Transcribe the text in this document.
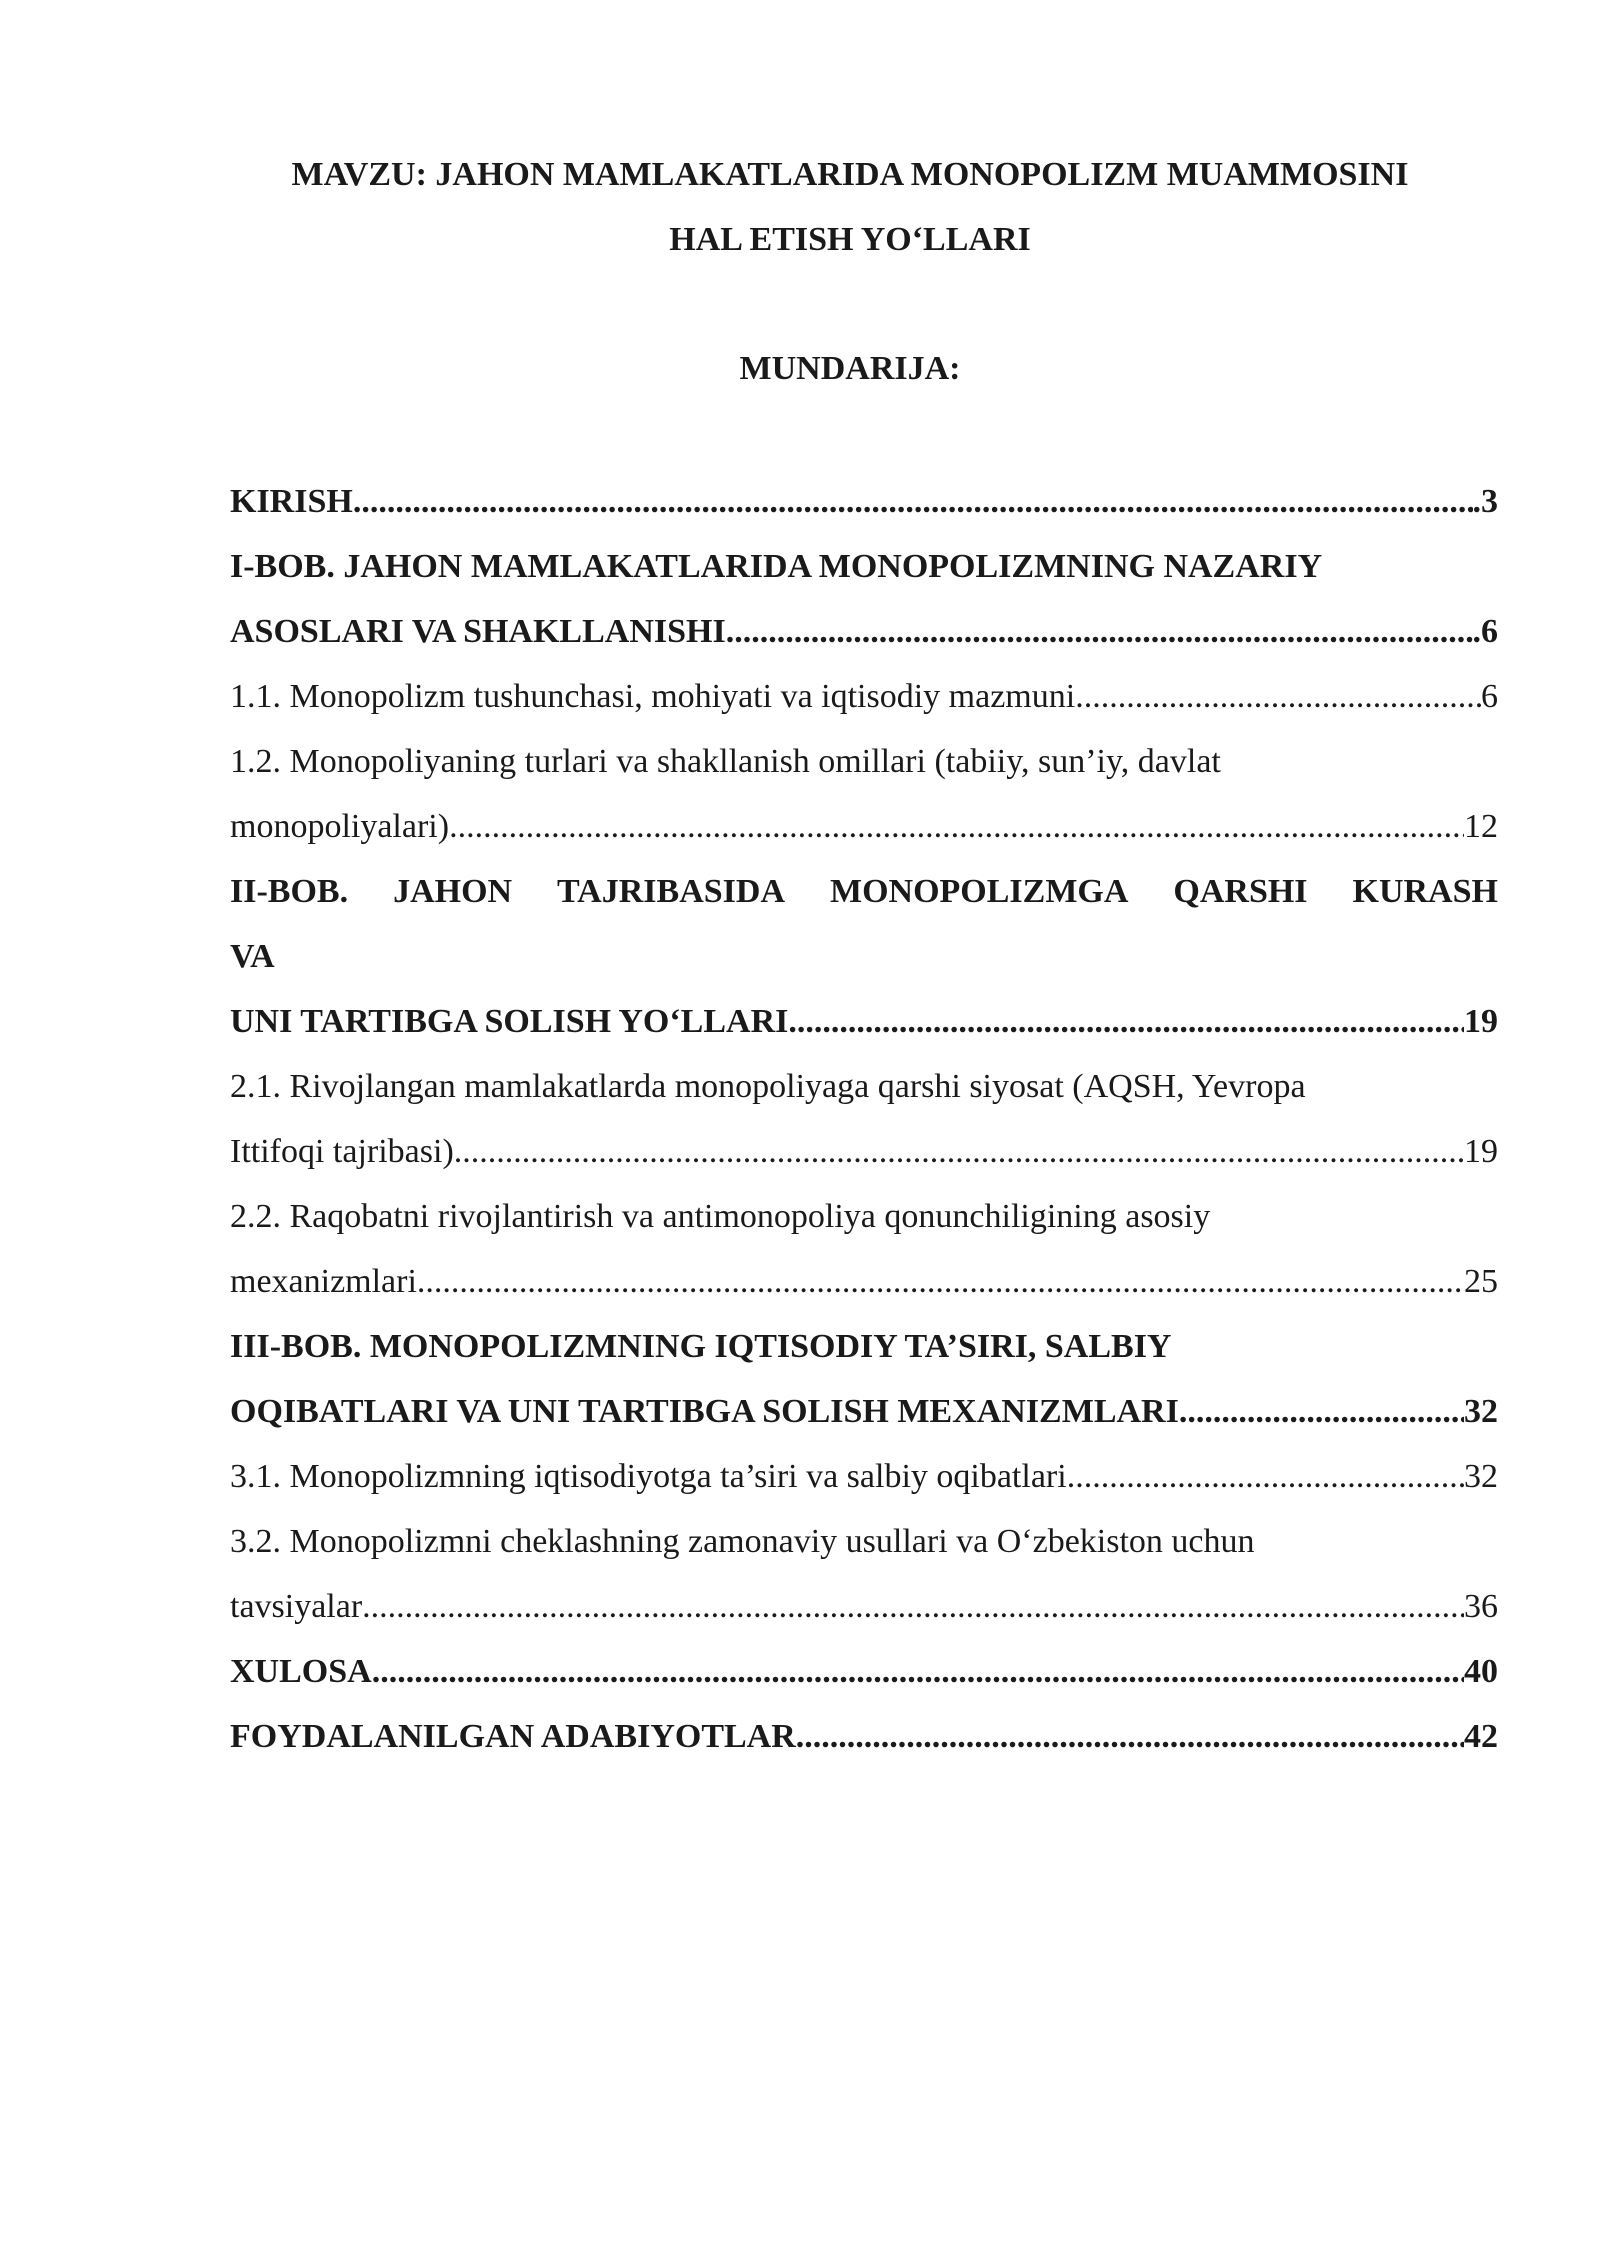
MAVZU: JAHON MAMLAKATLARIDA MONOPOLIZM MUAMMOSINI
HAL ETISH YO‘LLARI
MUNDARIJA:
KIRISH .....	.3
I-BOB. JAHON MAMLAKATLARIDA MONOPOLIZMNING NAZARIY
ASOSLARI VA SHAKLLANISHI .....	.6
1.1. Monopolizm tushunchasi, mohiyati va iqtisodiy mazmuni .....	6
1.2. Monopoliyaning turlari va shakllanish omillari (tabiiy, sun’iy, davlat
monopoliyalari) .....	12
II-BOB. JAHON TAJRIBASIDA MONOPOLIZMGA QARSHI KURASH
VA
UNI TARTIBGA SOLISH YO‘LLARI .....	19
2.1. Rivojlangan mamlakatlarda monopoliyaga qarshi siyosat (AQSH, Yevropa
Ittifoqi tajribasi) .....	19
2.2. Raqobatni rivojlantirish va antimonopoliya qonunchiligining asosiy
mexanizmlari .....	25
III-BOB. MONOPOLIZMNING IQTISODIY TA’SIRI, SALBIY
OQIBATLARI VA UNI TARTIBGA SOLISH MEXANIZMLARI .....	32
3.1. Monopolizmning iqtisodiyotga ta’siri va salbiy oqibatlari .....	32
3.2. Monopolizmni cheklashning zamonaviy usullari va O‘zbekiston uchun
tavsiyalar .....	36
XULOSA .....	40
FOYDALANILGAN ADABIYOTLAR .....	42
